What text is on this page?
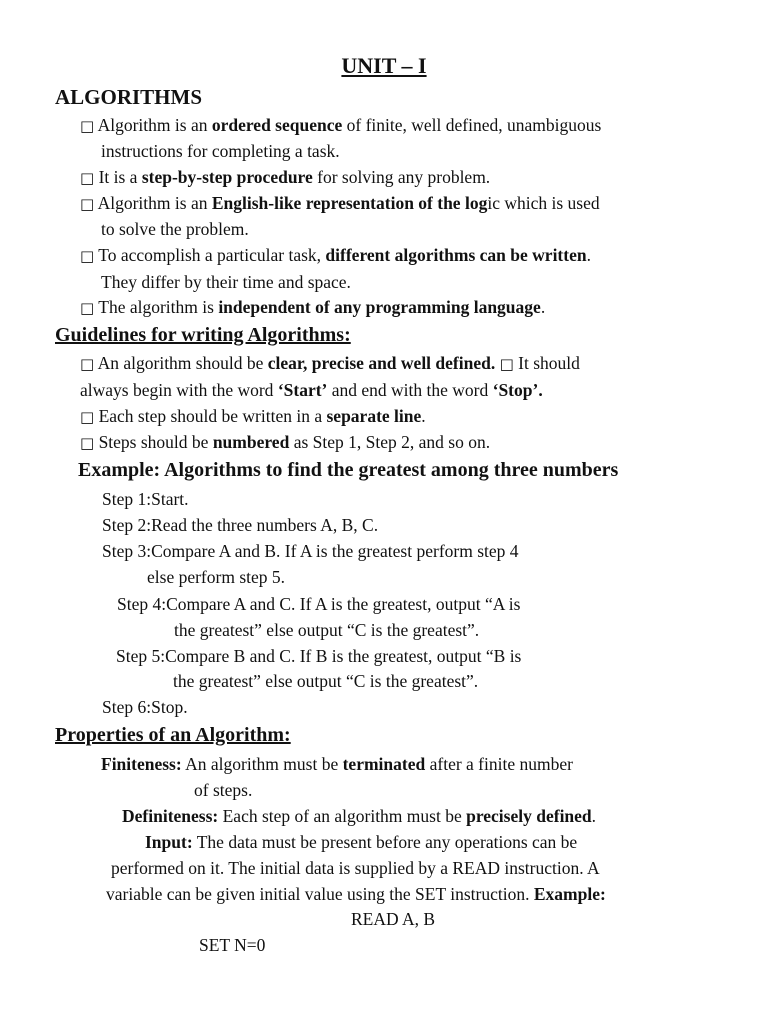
UNIT – I
ALGORITHMS
□ Algorithm is an ordered sequence of finite, well defined, unambiguous
instructions for completing a task.
□ It is a step-by-step procedure for solving any problem.
□ Algorithm is an English-like representation of the logic which is used
to solve the problem.
□ To accomplish a particular task, different algorithms can be written.
They differ by their time and space.
□ The algorithm is independent of any programming language.
Guidelines for writing Algorithms:
□ An algorithm should be clear, precise and well defined. □ It should
always begin with the word ‘Start’ and end with the word ‘Stop’.
□ Each step should be written in a separate line.
□ Steps should be numbered as Step 1, Step 2, and so on.
Example: Algorithms to find the greatest among three numbers
Step 1:Start.
Step 2:Read the three numbers A, B, C.
Step 3:Compare A and B. If A is the greatest perform step 4
else perform step 5.
Step 4:Compare A and C. If A is the greatest, output “A is
the greatest” else output “C is the greatest”.
Step 5:Compare B and C. If B is the greatest, output “B is
the greatest” else output “C is the greatest”.
Step 6:Stop.
Properties of an Algorithm:
Finiteness: An algorithm must be terminated after a finite number
of steps.
Definiteness: Each step of an algorithm must be precisely defined.
Input: The data must be present before any operations can be
performed on it. The initial data is supplied by a READ instruction. A
variable can be given initial value using the SET instruction. Example:
READ A, B
SET N=0
